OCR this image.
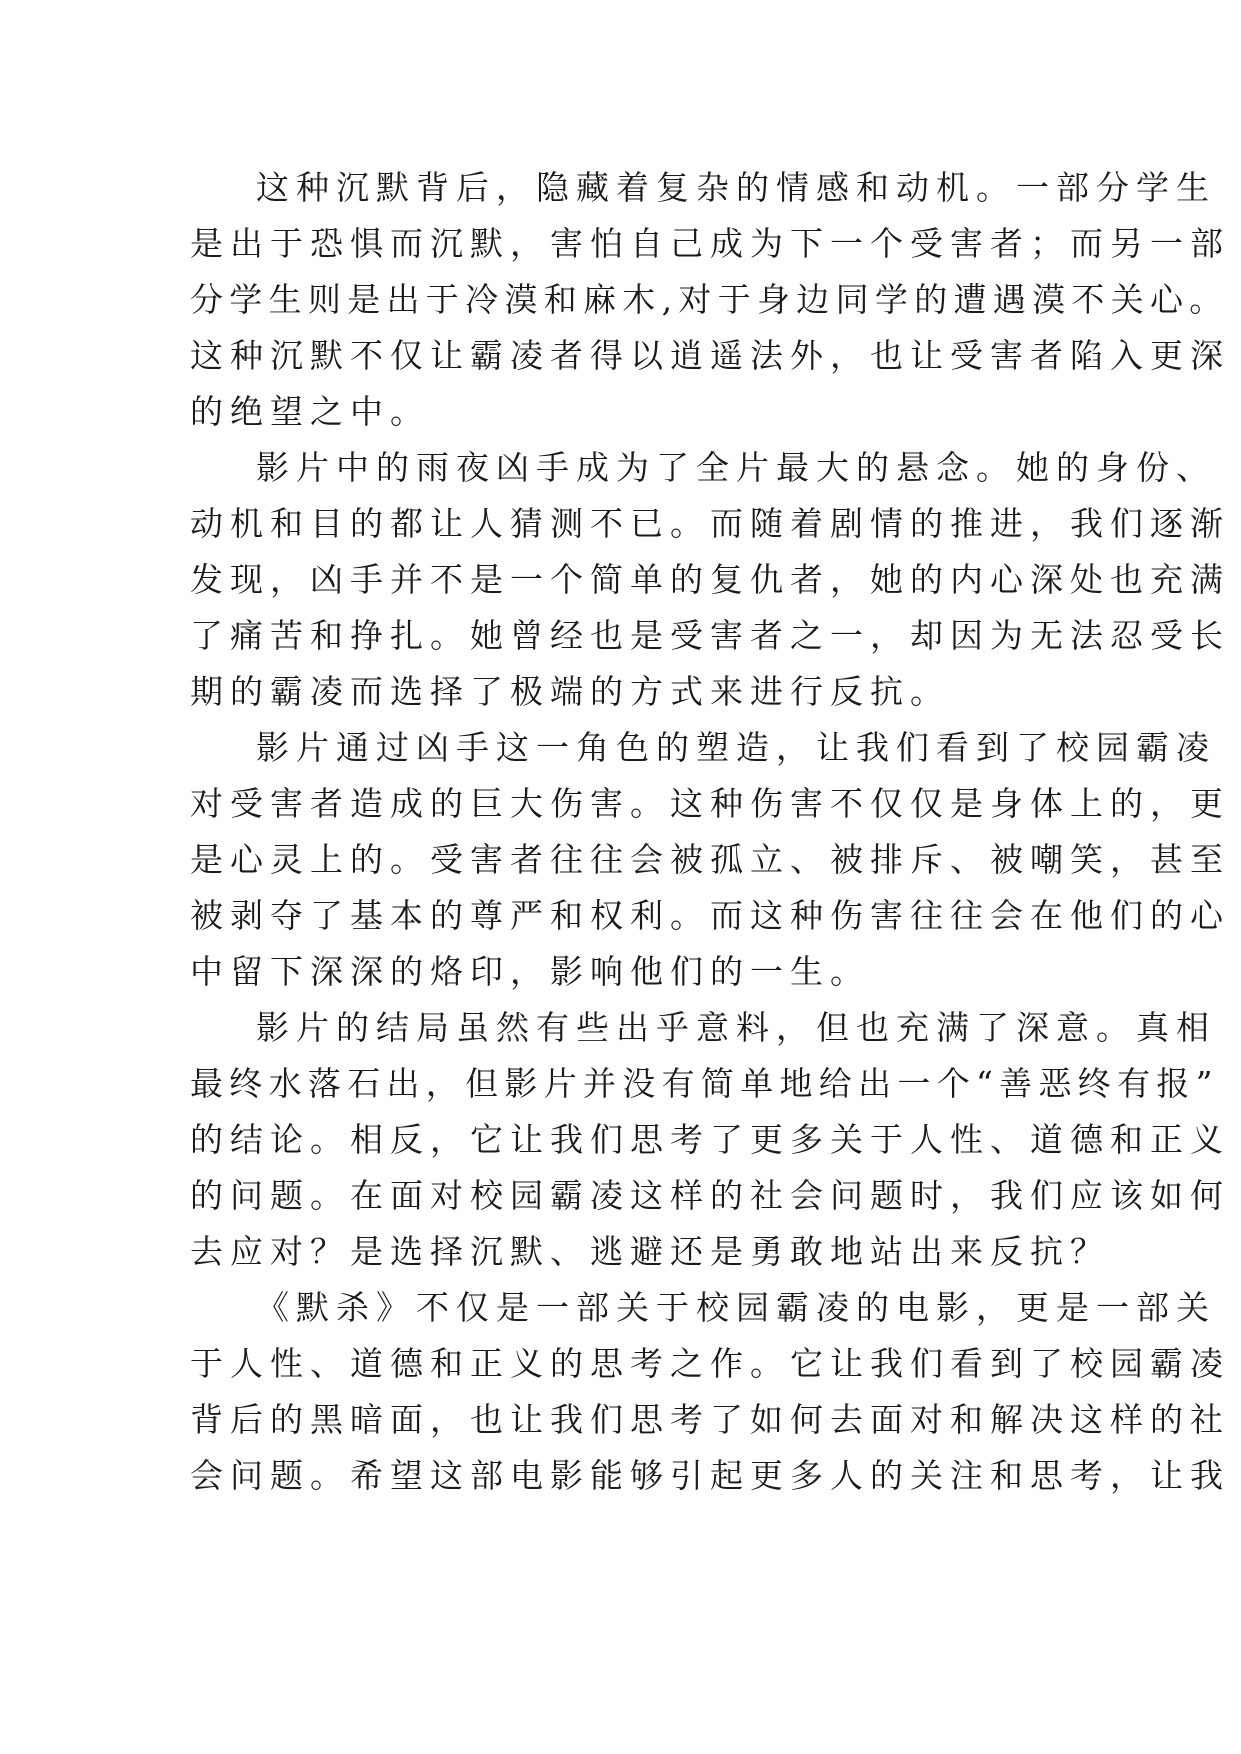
这种沉默背后，隐藏着复杂的情感和动机。一部分学生
是出于恐惧而沉默，害怕自己成为下一个受害者；而另一部
分学生则是出于冷漠和麻木,对于身边同学的遭遇漠不关心。
这种沉默不仅让霸凌者得以逍遥法外，也让受害者陷入更深
的绝望之中。
影片中的雨夜凶手成为了全片最大的悬念。她的身份、
动机和目的都让人猜测不已。而随着剧情的推进，我们逐渐
发现，凶手并不是一个简单的复仇者，她的内心深处也充满
了痛苦和挣扎。她曾经也是受害者之一，却因为无法忍受长
期的霸凌而选择了极端的方式来进行反抗。
影片通过凶手这一角色的塑造，让我们看到了校园霸凌
对受害者造成的巨大伤害。这种伤害不仅仅是身体上的，更
是心灵上的。受害者往往会被孤立、被排斥、被嘲笑，甚至
被剥夺了基本的尊严和权利。而这种伤害往往会在他们的心
中留下深深的烙印，影响他们的一生。
影片的结局虽然有些出乎意料，但也充满了深意。真相
最终水落石出，但影片并没有简单地给出一个“善恶终有报”
的结论。相反，它让我们思考了更多关于人性、道德和正义
的问题。在面对校园霸凌这样的社会问题时，我们应该如何
去应对？是选择沉默、逃避还是勇敢地站出来反抗？
《默杀》不仅是一部关于校园霸凌的电影，更是一部关
于人性、道德和正义的思考之作。它让我们看到了校园霸凌
背后的黑暗面，也让我们思考了如何去面对和解决这样的社
会问题。希望这部电影能够引起更多人的关注和思考，让我
